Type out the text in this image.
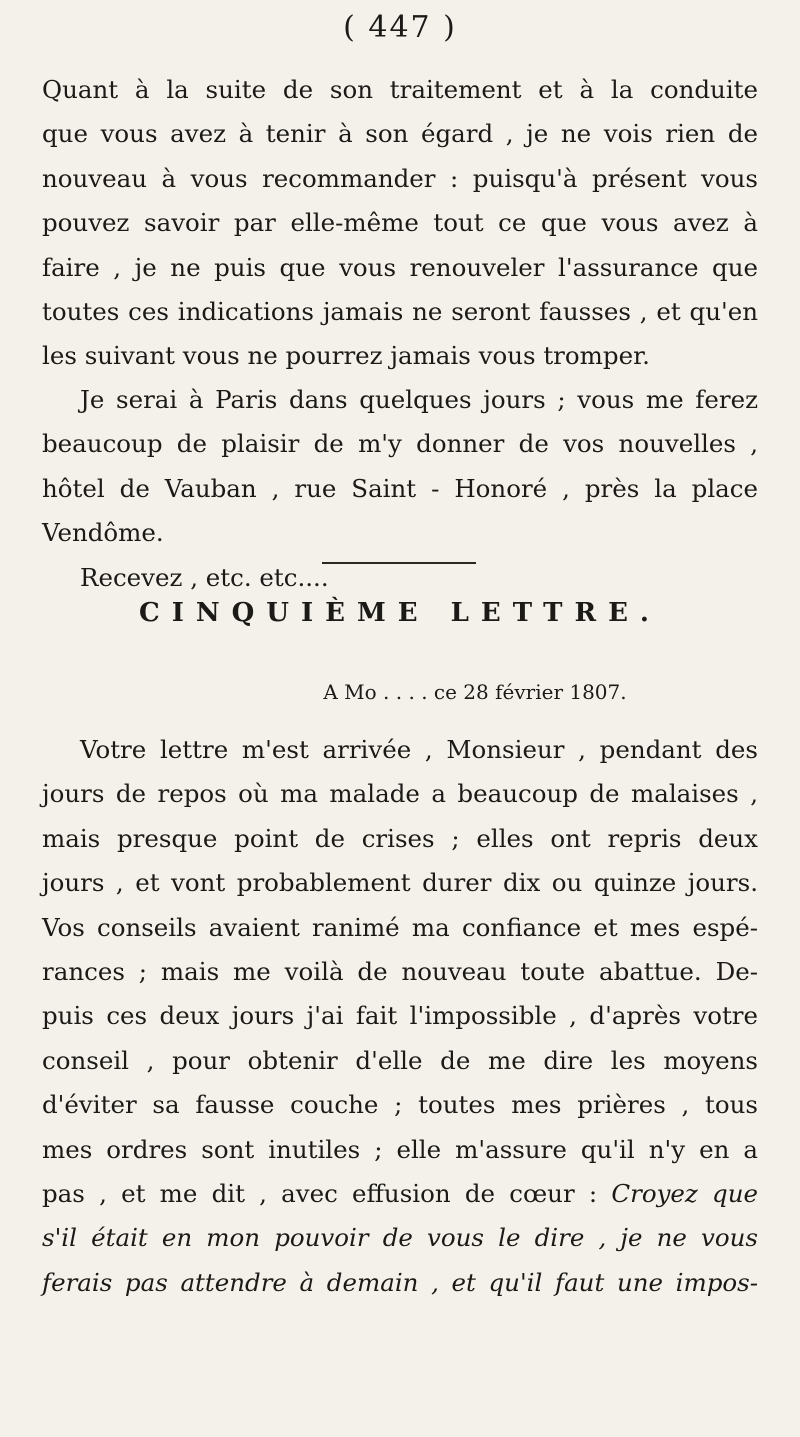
( 447 )
Quant à la suite de son traitement et à la conduite
que vous avez à tenir à son égard , je ne vois rien de
nouveau à vous recommander : puisqu'à présent vous
pouvez savoir par elle-même tout ce que vous avez à
faire , je ne puis que vous renouveler l'assurance que
toutes ces indications jamais ne seront fausses , et qu'en
les suivant vous ne pourrez jamais vous tromper.
Je serai à Paris dans quelques jours ; vous me ferez
beaucoup de plaisir de m'y donner de vos nouvelles ,
hôtel de Vauban , rue Saint - Honoré , près la place
Vendôme.
Recevez , etc. etc....
CINQUIÈME LETTRE.
A Mo . . . . ce 28 février 1807.
Votre lettre m'est arrivée , Monsieur , pendant des
jours de repos où ma malade a beaucoup de malaises ,
mais presque point de crises ; elles ont repris deux
jours , et vont probablement durer dix ou quinze jours.
Vos conseils avaient ranimé ma confiance et mes espé-
rances ; mais me voilà de nouveau toute abattue. De-
puis ces deux jours j'ai fait l'impossible , d'après votre
conseil , pour obtenir d'elle de me dire les moyens
d'éviter sa fausse couche ; toutes mes prières , tous
mes ordres sont inutiles ; elle m'assure qu'il n'y en a
pas , et me dit , avec effusion de cœur : Croyez que
s'il était en mon pouvoir de vous le dire , je ne vous
ferais pas attendre à demain , et qu'il faut une impos-
